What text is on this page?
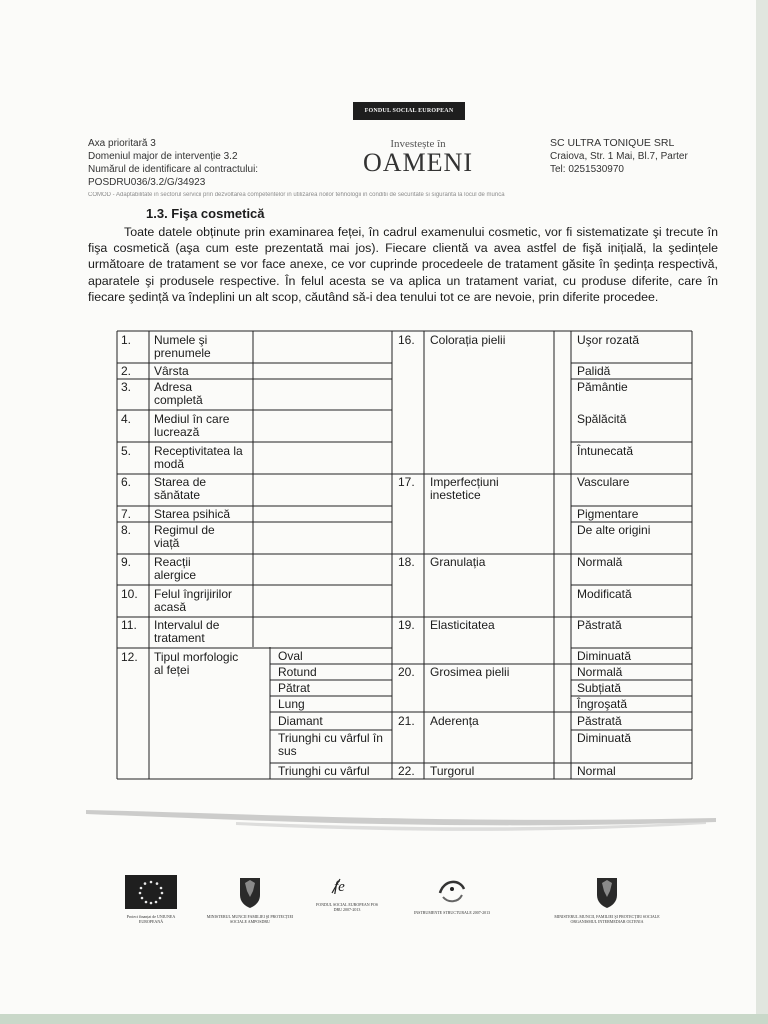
FONDUL SOCIAL EUROPEAN
Axa prioritară 3
Domeniul major de intervenție 3.2
Numărul de identificare al contractului:
POSDRU036/3.2/G/34923
Investește în
OAMENI
SC ULTRA TONIQUE SRL
Craiova, Str. 1 Mai, Bl.7, Parter
Tel: 0251530970
COMOD - Adaptabilitate in sectorul servicii prin dezvoltarea competentelor in utilizarea noilor tehnologii in conditii de securitate si siguranta la locul de munca
1.3. Fişa cosmetică
Toate datele obținute prin examinarea feței, în cadrul examenului cosmetic, vor fi sistematizate şi trecute în fişa cosmetică (aşa cum este prezentată mai jos). Fiecare clientă va avea astfel de fişă inițială, la şedințele următoare de tratament se vor face anexe, ce vor cuprinde procedeele de tratament găsite în şedința respectivă, aparatele şi produsele respective. În felul acesta se va aplica un tratament variat, cu produse diferite, care în fiecare şedință va îndeplini un alt scop, căutând să-i dea tenului tot ce are nevoie, prin diferite procedee.
1. Numele şi prenumele
2. Vârsta
3. Adresa completă
4. Mediul în care lucrează
5. Receptivitatea la modă
6. Starea de sănătate
7. Starea psihică
8. Regimul de viață
9. Reacții alergice
10. Felul îngrijirilor acasă
11. Intervalul de tratament
12. Tipul morfologic al feței
Oval
Rotund
Pătrat
Lung
Diamant
Triunghi cu vârful în sus
Triunghi cu vârful
16. Colorația pielii
17. Imperfecțiuni inestetice
18. Granulația
19. Elasticitatea
20. Grosimea pielii
21. Aderența
22. Turgorul
Uşor rozată
Palidă
Pământie
Spălăcită
Întunecată
Vasculare
Pigmentare
De alte origini
Normală
Modificată
Păstrată
Diminuată
Normală
Subțiată
Îngroşată
Păstrată
Diminuată
Normal
Proiect finanțat de UNIUNEA EUROPEANĂ
MINISTERUL MUNCII FAMILIEI ŞI PROTECȚIEI SOCIALE AMPOSDRU
fe
FONDUL SOCIAL EUROPEAN POS DRU 2007-2013
INSTRUMENTE STRUCTURALE 2007-2013
MINISTERUL MUNCII, FAMILIEI ŞI PROTECȚIEI SOCIALE ORGANISMUL INTERMEDIAR OLTENIA
